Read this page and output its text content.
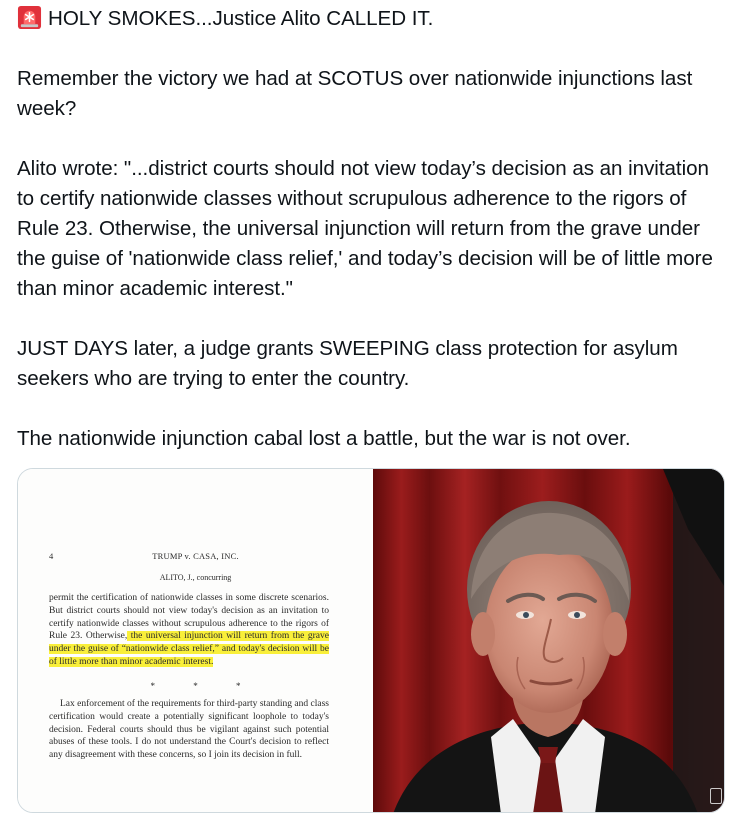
HOLY SMOKES...Justice Alito CALLED IT.

Remember the victory we had at SCOTUS over nationwide injunctions last week?

Alito wrote: "...district courts should not view today’s decision as an invitation to certify nationwide classes without scrupulous adherence to the rigors of Rule 23. Otherwise, the universal injunction will return from the grave under the guise of 'nationwide class relief,' and today’s decision will be of little more than minor academic interest."

JUST DAYS later, a judge grants SWEEPING class protection for asylum seekers who are trying to enter the country.

The nationwide injunction cabal lost a battle, but the war is not over.

4	TRUMP v. CASA, INC.
ALITO, J., concurring
permit the certification of nationwide classes in some discrete scenarios. But district courts should not view today's decision as an invitation to certify nationwide classes without scrupulous adherence to the rigors of Rule 23. Otherwise, the universal injunction will return from the grave under the guise of “nationwide class relief,” and today's decision will be of little more than minor academic interest.
* * *
Lax enforcement of the requirements for third-party standing and class certification would create a potentially significant loophole to today's decision. Federal courts should thus be vigilant against such potential abuses of these tools. I do not understand the Court's decision to reflect any disagreement with these concerns, so I join its decision in full.
